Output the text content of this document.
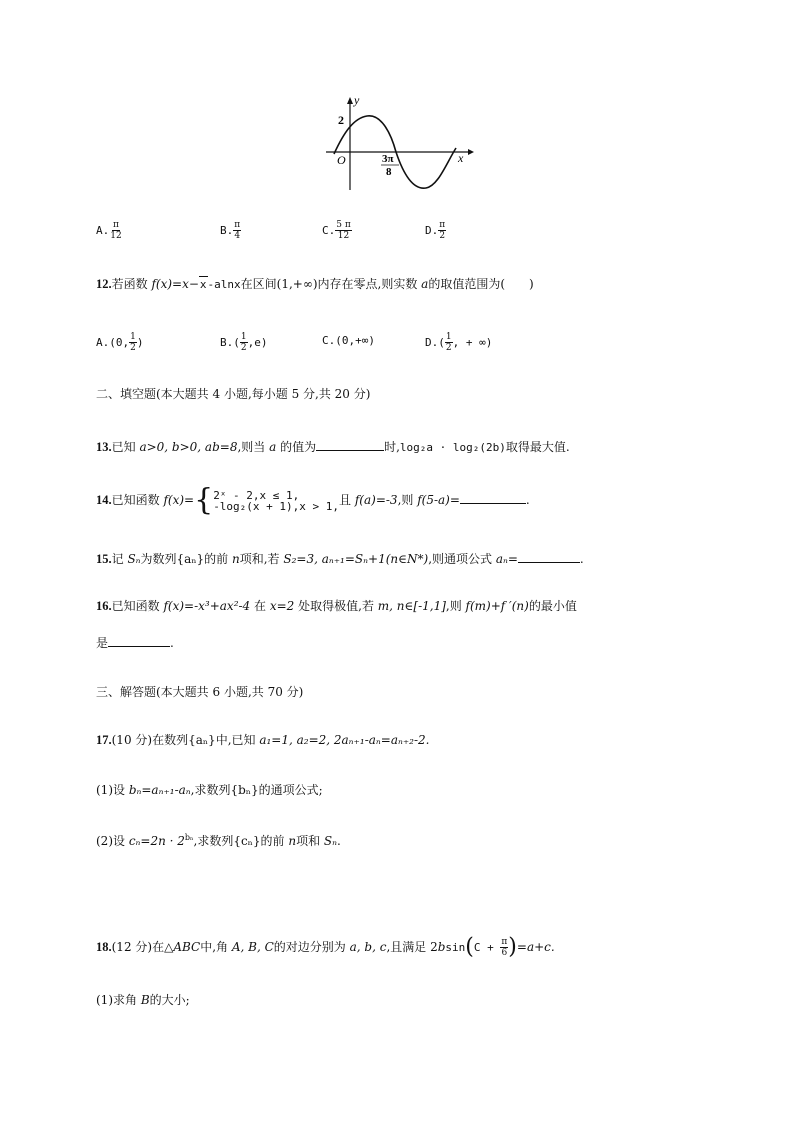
y
x
O
2
3π
8
A. $\frac{\pi}{12}$	B. $\frac{\pi}{4}$	C. $\frac{5 \pi}{12}$	D. $\frac{\pi}{2}$
12.若函数 f(x)=x−x-alnx在区间(1,+∞)内存在零点,则实数 a的取值范围为(　　)
A.(0, $\frac{1}{2}$ )	$B.( \frac{1}{2} ,e)$	C.(0,+∞)	$D.( \frac{1}{2}$ , + ∞)
二、填空题(本大题共 4 小题,每小题 5 分,共 20 分)
13.已知 a>0, b>0, ab=8,则当 a 的值为	时,log₂a · log₂(2b)取得最大值.
14.已知函数 f(x)={ 2ˣ - 2,x ≤ 1,
-log₂(x + 1),x > 1, 且 f(a)=-3,则 f(5-a)=	.
15.记 Sₙ为数列{aₙ}的前 n项和,若 S₂=3, aₙ₊₁=Sₙ+1(n∈N*),则通项公式 aₙ=	.
16.已知函数 f(x)=-x³+ax²-4 在 x=2 处取得极值,若 m, n∈[-1,1],则 f(m)+f ′(n)的最小值
是	.
三、解答题(本大题共 6 小题,共 70 分)
17.(10 分)在数列{aₙ}中,已知 a₁=1, a₂=2, 2aₙ₊₁-aₙ=aₙ₊₂-2.
(1)设 bₙ=aₙ₊₁-aₙ,求数列{bₙ}的通项公式;
(2)设 $c_n=2n \cdot 2^{b_n}$,求数列{cₙ}的前 n项和 Sₙ.
18.(12 分)在△ABC中,角 A, B, C的对边分别为 a, b, c,且满足 $2bsin(C + \frac{\pi}{6} )=a+c$.
(1)求角 B的大小;
